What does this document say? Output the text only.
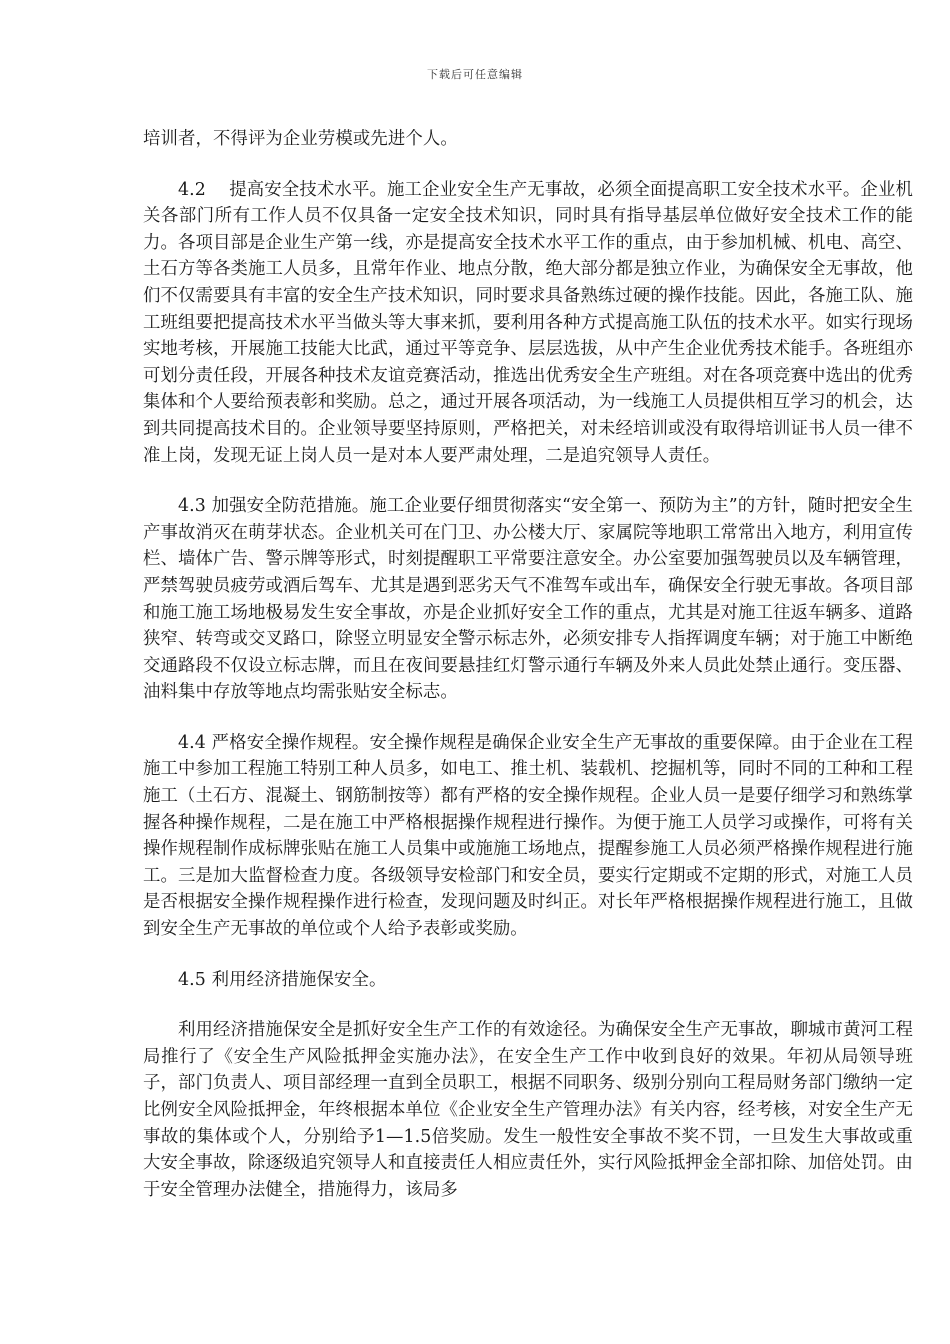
下载后可任意编辑

培训者，不得评为企业劳模或先进个人。

4.2　 提高安全技术水平。施工企业安全生产无事故，必须全面提高职工安全技术水平。企业机关各部门所有工作人员不仅具备一定安全技术知识，同时具有指导基层单位做好安全技术工作的能力。各项目部是企业生产第一线，亦是提高安全技术水平工作的重点，由于参加机械、机电、高空、土石方等各类施工人员多，且常年作业、地点分散，绝大部分都是独立作业，为确保安全无事故，他们不仅需要具有丰富的安全生产技术知识，同时要求具备熟练过硬的操作技能。因此，各施工队、施工班组要把提高技术水平当做头等大事来抓，要利用各种方式提高施工队伍的技术水平。如实行现场实地考核，开展施工技能大比武，通过平等竞争、层层选拔，从中产生企业优秀技术能手。各班组亦可划分责任段，开展各种技术友谊竞赛活动，推选出优秀安全生产班组。对在各项竞赛中选出的优秀集体和个人要给预表彰和奖励。总之，通过开展各项活动，为一线施工人员提供相互学习的机会，达到共同提高技术目的。企业领导要坚持原则，严格把关，对未经培训或没有取得培训证书人员一律不准上岗，发现无证上岗人员一是对本人要严肃处理，二是追究领导人责任。

4.3 加强安全防范措施。施工企业要仔细贯彻落实“安全第一、预防为主”的方针，随时把安全生产事故消灭在萌芽状态。企业机关可在门卫、办公楼大厅、家属院等地职工常常出入地方，利用宣传栏、墙体广告、警示牌等形式，时刻提醒职工平常要注意安全。办公室要加强驾驶员以及车辆管理，严禁驾驶员疲劳或酒后驾车、尤其是遇到恶劣天气不准驾车或出车，确保安全行驶无事故。各项目部和施工施工场地极易发生安全事故，亦是企业抓好安全工作的重点，尤其是对施工往返车辆多、道路狭窄、转弯或交叉路口，除竖立明显安全警示标志外，必须安排专人指挥调度车辆；对于施工中断绝交通路段不仅设立标志牌，而且在夜间要悬挂红灯警示通行车辆及外来人员此处禁止通行。变压器、油料集中存放等地点均需张贴安全标志。

4.4 严格安全操作规程。安全操作规程是确保企业安全生产无事故的重要保障。由于企业在工程施工中参加工程施工特别工种人员多，如电工、推土机、装载机、挖掘机等，同时不同的工种和工程施工（土石方、混凝土、钢筋制按等）都有严格的安全操作规程。企业人员一是要仔细学习和熟练掌握各种操作规程，二是在施工中严格根据操作规程进行操作。为便于施工人员学习或操作，可将有关操作规程制作成标牌张贴在施工人员集中或施施工场地点，提醒参施工人员必须严格操作规程进行施工。三是加大监督检查力度。各级领导安检部门和安全员，要实行定期或不定期的形式，对施工人员是否根据安全操作规程操作进行检查，发现问题及时纠正。对长年严格根据操作规程进行施工，且做到安全生产无事故的单位或个人给予表彰或奖励。

4.5 利用经济措施保安全。

利用经济措施保安全是抓好安全生产工作的有效途径。为确保安全生产无事故，聊城市黄河工程局推行了《安全生产风险抵押金实施办法》，在安全生产工作中收到良好的效果。年初从局领导班子，部门负责人、项目部经理一直到全员职工，根据不同职务、级别分别向工程局财务部门缴纳一定比例安全风险抵押金，年终根据本单位《企业安全生产管理办法》有关内容，经考核，对安全生产无事故的集体或个人，分别给予1—1.5倍奖励。发生一般性安全事故不奖不罚，一旦发生大事故或重大安全事故，除逐级追究领导人和直接责任人相应责任外，实行风险抵押金全部扣除、加倍处罚。由于安全管理办法健全，措施得力，该局多
